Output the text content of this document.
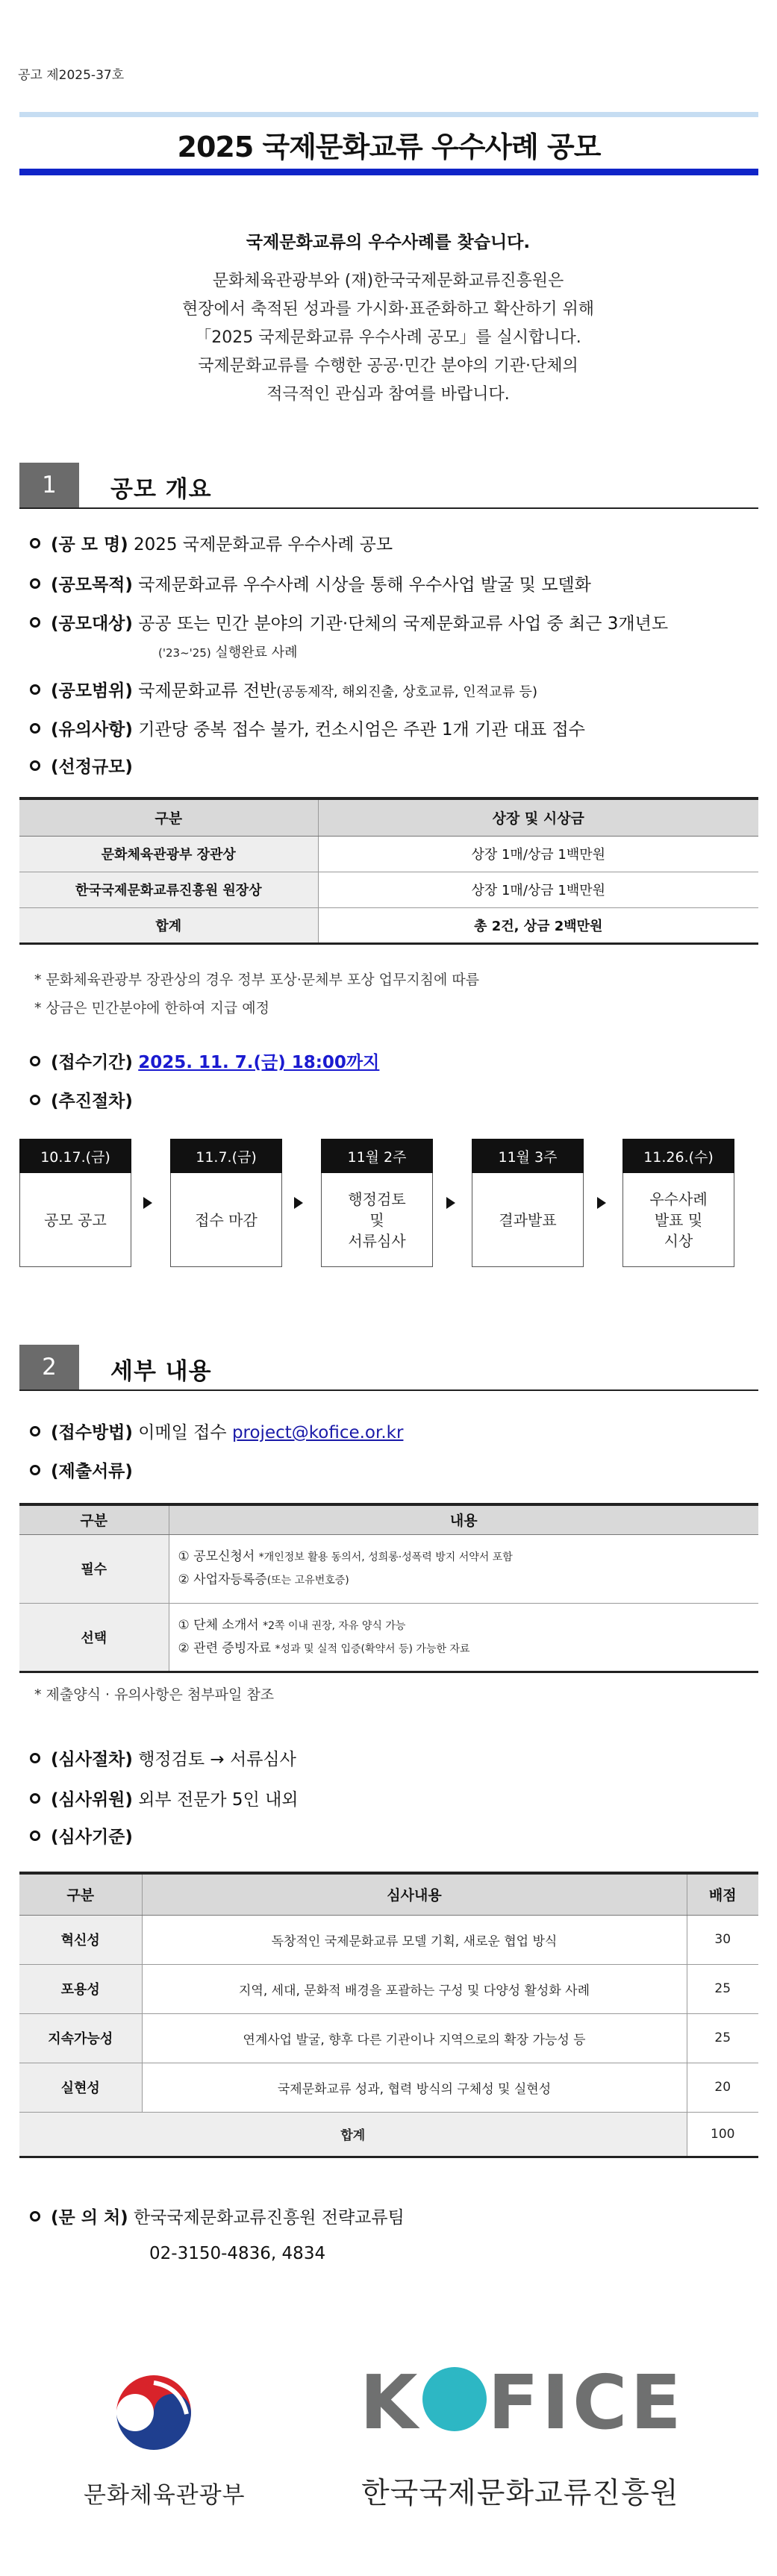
공고 제2025-37호
2025 국제문화교류 우수사례 공모
국제문화교류의 우수사례를 찾습니다.
문화체육관광부와 (재)한국국제문화교류진흥원은
현장에서 축적된 성과를 가시화·표준화하고 확산하기 위해
「2025 국제문화교류 우수사례 공모」를 실시합니다.
국제문화교류를 수행한 공공·민간 분야의 기관·단체의
적극적인 관심과 참여를 바랍니다.
1	공모 개요
(공 모 명) 2025 국제문화교류 우수사례 공모
(공모목적) 국제문화교류 우수사례 시상을 통해 우수사업 발굴 및 모델화
(공모대상) 공공 또는 민간 분야의 기관·단체의 국제문화교류 사업 중 최근 3개년도
('23~'25) 실행완료 사례
(공모범위) 국제문화교류 전반(공동제작, 해외진출, 상호교류, 인적교류 등)
(유의사항) 기관당 중복 접수 불가, 컨소시엄은 주관 1개 기관 대표 접수
(선정규모)
구분	상장 및 시상금
문화체육관광부 장관상	상장 1매/상금 1백만원
한국국제문화교류진흥원 원장상	상장 1매/상금 1백만원
합계	총 2건, 상금 2백만원
* 문화체육관광부 장관상의 경우 정부 포상·문체부 포상 업무지침에 따름
* 상금은 민간분야에 한하여 지급 예정
(접수기간) 2025. 11. 7.(금) 18:00까지
(추진절차)
10.17.(금)
공모 공고
11.7.(금)
접수 마감
11월 2주
행정검토
및
서류심사
11월 3주
결과발표
11.26.(수)
우수사례
발표 및
시상
2	세부 내용
(접수방법) 이메일 접수 project@kofice.or.kr
(제출서류)
구분	내용
필수	① 공모신청서 *개인정보 활용 동의서, 성희롱·성폭력 방지 서약서 포함
② 사업자등록증(또는 고유번호증)

선택	① 단체 소개서 *2쪽 이내 권장, 자유 양식 가능
② 관련 증빙자료 *성과 및 실적 입증(확약서 등) 가능한 자료
* 제출양식 · 유의사항은 첨부파일 참조
(심사절차) 행정검토 → 서류심사
(심사위원) 외부 전문가 5인 내외
(심사기준)
구분	심사내용	배점
혁신성	독창적인 국제문화교류 모델 기획, 새로운 협업 방식	30
포용성	지역, 세대, 문화적 배경을 포괄하는 구성 및 다양성 활성화 사례	25
지속가능성	연계사업 발굴, 향후 다른 기관이나 지역으로의 확장 가능성 등	25
실현성	국제문화교류 성과, 협력 방식의 구체성 및 실현성	20
합계		100
(문 의 처) 한국국제문화교류진흥원 전략교류팀
02-3150-4836, 4834
문화체육관광부
K FICE
한국국제문화교류진흥원
